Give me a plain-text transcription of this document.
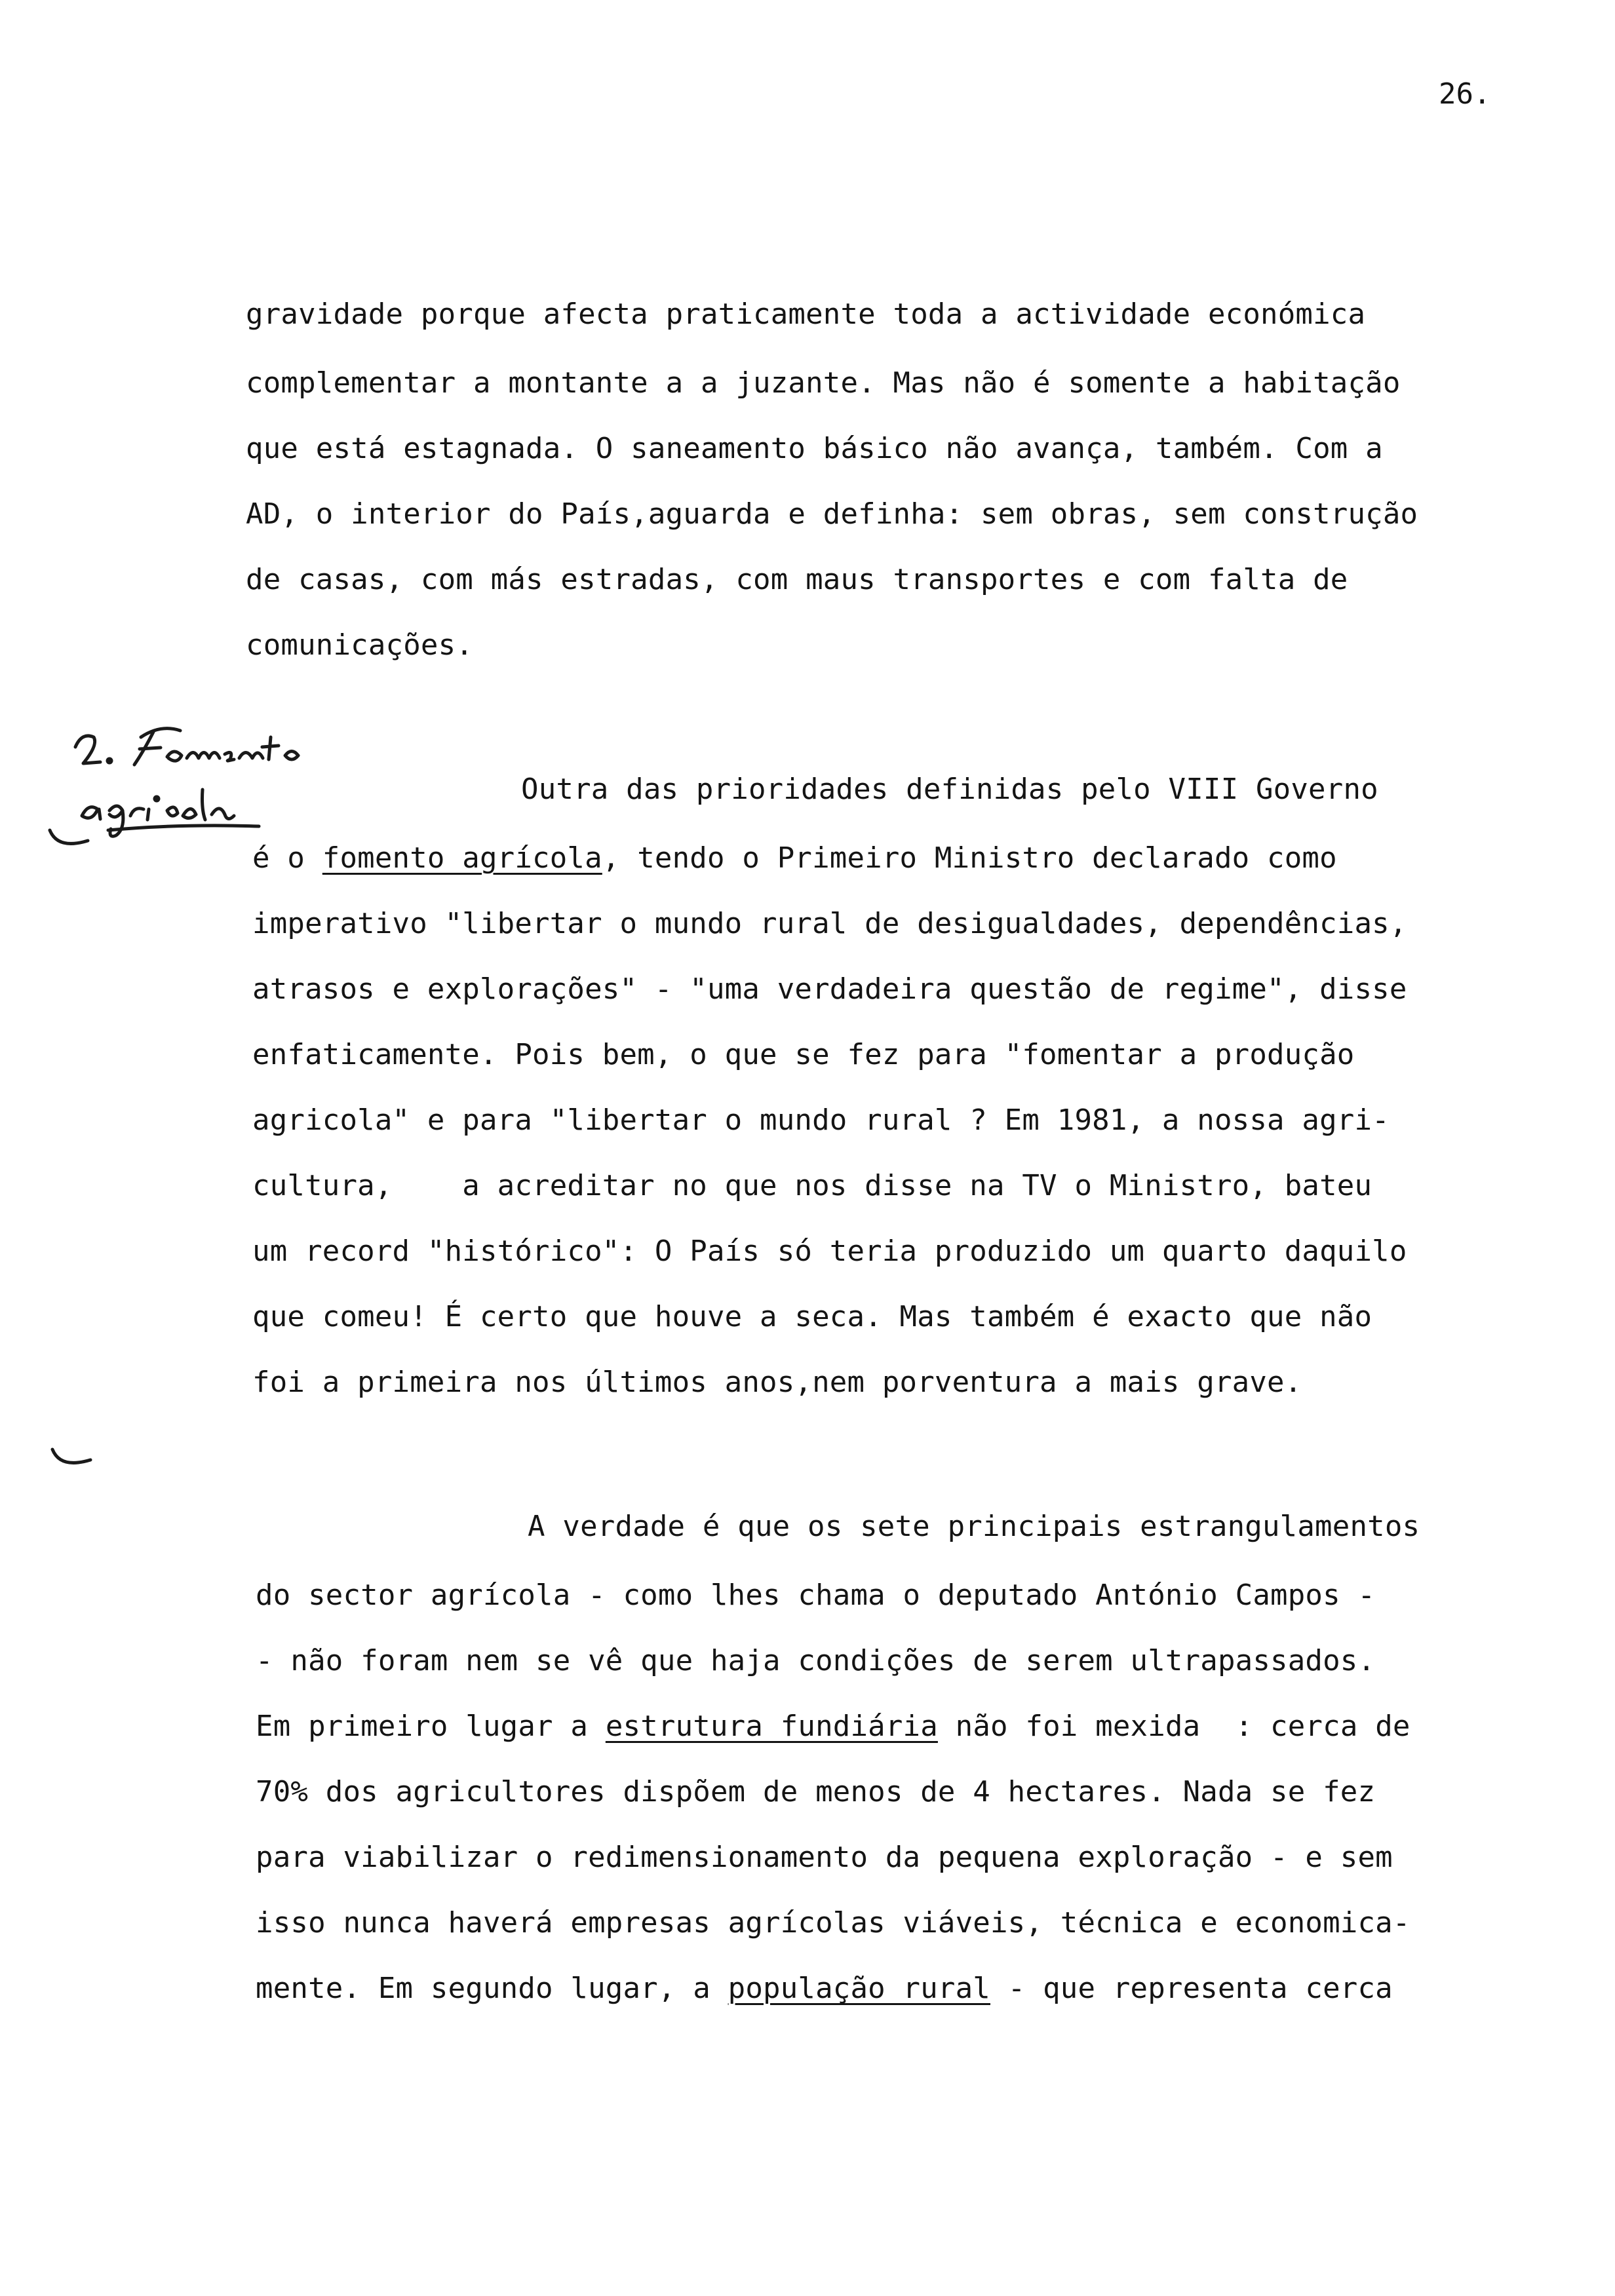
26.
gravidade porque afecta praticamente toda a actividade económica
complementar a montante a a juzante. Mas não é somente a habitação
que está estagnada. O saneamento básico não avança, também. Com a
AD, o interior do País,aguarda e definha: sem obras, sem construção
de casas, com más estradas, com maus transportes e com falta de
comunicações.
Outra das prioridades definidas pelo VIII Governo
é o fomento agrícola, tendo o Primeiro Ministro declarado como
imperativo "libertar o mundo rural de desigualdades, dependências,
atrasos e explorações" - "uma verdadeira questão de regime", disse
enfaticamente. Pois bem, o que se fez para "fomentar a produção
agricola" e para "libertar o mundo rural ? Em 1981, a nossa agri-
cultura,    a acreditar no que nos disse na TV o Ministro, bateu
um record "histórico": O País só teria produzido um quarto daquilo
que comeu! É certo que houve a seca. Mas também é exacto que não
foi a primeira nos últimos anos,nem porventura a mais grave.
A verdade é que os sete principais estrangulamentos
do sector agrícola - como lhes chama o deputado António Campos -
- não foram nem se vê que haja condições de serem ultrapassados.
Em primeiro lugar a estrutura fundiária não foi mexida  : cerca de
70% dos agricultores dispõem de menos de 4 hectares. Nada se fez
para viabilizar o redimensionamento da pequena exploração - e sem
isso nunca haverá empresas agrícolas viáveis, técnica e economica-
mente. Em segundo lugar, a população rural - que representa cerca
